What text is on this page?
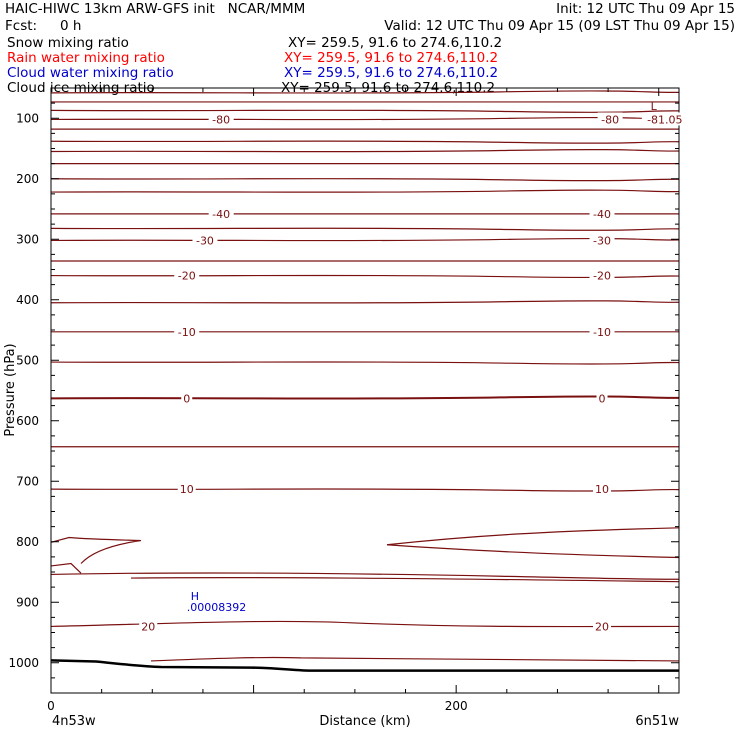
HAIC-HIWC 13km ARW-GFS init   NCAR/MMM	Init: 12 UTC Thu 09 Apr 15
Fcst: 0 h	Valid: 12 UTC Thu 09 Apr 15 (09 LST Thu 09 Apr 15)
Snow mixing ratio	XY= 259.5, 91.6 to 274.6,110.2
Rain water mixing ratio	XY= 259.5, 91.6 to 274.6,110.2
Cloud water mixing ratio	XY= 259.5, 91.6 to 274.6,110.2
Cloud ice mixing ratio	XY= 259.5, 91.6 to 274.6,110.2
100
200
300
400
500
600
700
800
900
1000
0	200
-80	-80	-81.05
-40	-40
-30	-30
-20	-20
-10	-10
0	0
10	10
20	20
L
H
.00008392
Pressure (hPa)
Distance (km)
4n53w	6n51w
